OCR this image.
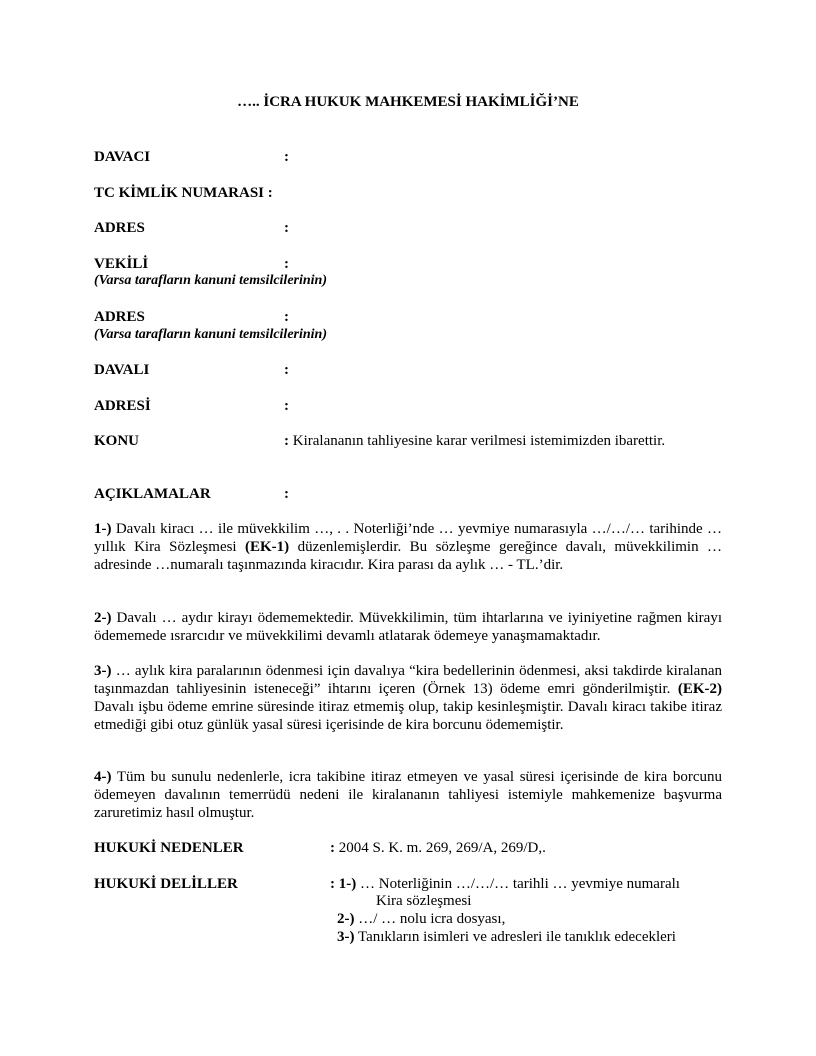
….. İCRA HUKUK MAHKEMESİ HAKİMLİĞİ’NE
DAVACI	:
TC KİMLİK NUMARASI :
ADRES	:
VEKİLİ	:
(Varsa tarafların kanuni temsilcilerinin)
ADRES	:
(Varsa tarafların kanuni temsilcilerinin)
DAVALI	:
ADRESİ	:
KONU	: Kiralananın tahliyesine karar verilmesi istemimizden ibarettir.
AÇIKLAMALAR	:
1-) Davalı kiracı … ile müvekkilim …, . . Noterliği’nde … yevmiye numarasıyla …/…/… tarihinde … yıllık Kira Sözleşmesi (EK-1) düzenlemişlerdir. Bu sözleşme gereğince davalı, müvekkilimin … adresinde …numaralı taşınmazında kiracıdır. Kira parası da aylık … - TL.’dir.
2-) Davalı … aydır kirayı ödememektedir. Müvekkilimin, tüm ihtarlarına ve iyiniyetine rağmen kirayı ödememede ısrarcıdır ve müvekkilimi devamlı atlatarak ödemeye yanaşmamaktadır.
3-) … aylık kira paralarının ödenmesi için davalıya “kira bedellerinin ödenmesi, aksi takdirde kiralanan taşınmazdan tahliyesinin isteneceği” ihtarını içeren (Örnek 13) ödeme emri gönderilmiştir. (EK-2) Davalı işbu ödeme emrine süresinde itiraz etmemiş olup, takip kesinleşmiştir. Davalı kiracı takibe itiraz etmediği gibi otuz günlük yasal süresi içerisinde de kira borcunu ödememiştir.
4-) Tüm bu sunulu nedenlerle, icra takibine itiraz etmeyen ve yasal süresi içerisinde de kira borcunu ödemeyen davalının temerrüdü nedeni ile kiralananın tahliyesi istemiyle mahkemenize başvurma zaruretimiz hasıl olmuştur.
HUKUKİ NEDENLER	: 2004 S. K. m. 269, 269/A, 269/D,.
HUKUKİ DELİLLER	: 1-) … Noterliğinin …/…/… tarihli … yevmiye numaralı
Kira sözleşmesi
2-) …/ … nolu icra dosyası,
3-) Tanıkların isimleri ve adresleri ile tanıklık edecekleri
